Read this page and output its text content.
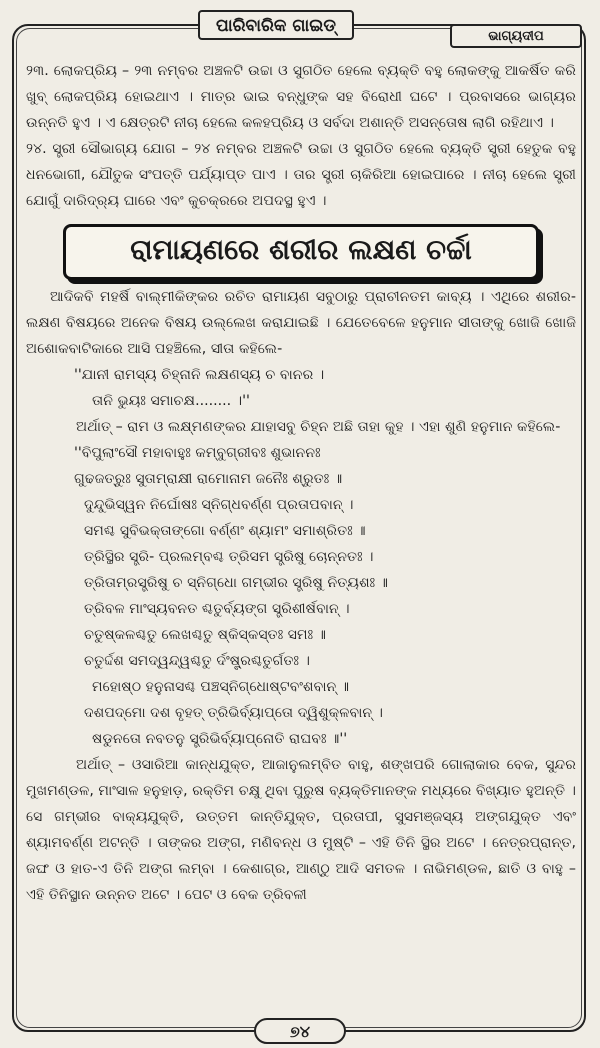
ପାରିବାରିକ ଗାଇଡ୍
ଭାଗ୍ୟଦୀପ

୨୩. ଲୋକପ୍ରିୟ – ୨୩ ନମ୍ବର ଅଞ୍ଚଳଟି ଉଚ୍ଚା ଓ ସୁଗଠିତ ହେଲେ ବ୍ୟକ୍ତି ବହୁ ଲୋକଙ୍କୁ ଆକର୍ଷିତ କରି ଖୁବ୍ ଲୋକପ୍ରିୟ ହୋଇଥାଏ । ମାତ୍ର ଭାଇ ବନ୍ଧୁଙ୍କ ସହ ବିରୋଧୀ ଘଟେ । ପ୍ରବାସରେ ଭାଗ୍ୟର ଉନ୍ନତି ହୁଏ । ଏ କ୍ଷେତ୍ରଟି ନୀଚା ହେଲେ କଳହପ୍ରିୟ ଓ ସର୍ବଦା ଅଶାନ୍ତି ଅସନ୍ତୋଷ ଲାଗି ରହିଥାଏ ।

୨୪. ସ୍ତ୍ରୀ ସୌଭାଗ୍ୟ ଯୋଗ – ୨୪ ନମ୍ବର ଅଞ୍ଚଳଟି ଉଚ୍ଚା ଓ ସୁଗଠିତ ହେଲେ ବ୍ୟକ୍ତି ସ୍ତ୍ରୀ ହେତୁକ ବହୁ ଧନଭୋଗୀ, ଯୌତୁକ ସଂପତ୍ତି ପର୍ଯ୍ୟାପ୍ତ ପାଏ । ତାର ସ୍ତ୍ରୀ ଚାକିରିଆ ହୋଇପାରେ । ନୀଚା ହେଲେ ସ୍ତ୍ରୀ ଯୋଗୁଁ ଦାରିଦ୍ର୍ୟ ଘାରେ ଏବଂ କୁଚକ୍ରରେ ଅପଦସ୍ଥ ହୁଏ ।

ରାମାୟଣରେ ଶରୀର ଲକ୍ଷଣ ଚର୍ଚ୍ଚା

ଆଦିକବି ମହର୍ଷି ବାଲ୍ମୀକିଙ୍କର ରଚିତ ରାମାୟଣ ସବୁଠାରୁ ପ୍ରାଚୀନତମ କାବ୍ୟ । ଏଥିରେ ଶରୀର-ଲକ୍ଷଣ ବିଷୟରେ ଅନେକ ବିଷୟ ଉଲ୍ଲେଖ କରାଯାଇଛି । ଯେତେବେଳେ ହନୁମାନ ସୀତାଙ୍କୁ ଖୋଜି ଖୋଜି ଅଶୋକବାଟିକାରେ ଆସି ପହଞ୍ଚିଲେ, ସୀତା କହିଲେ-

''ଯାନୀ ରାମସ୍ୟ ଚିହ୍ନାନି ଲକ୍ଷଣସ୍ୟ ଚ ବାନର ।

ତାନି ଭୁୟଃ ସମାଚକ୍ଷ........ ।''

ଅର୍ଥାତ୍ – ରାମ ଓ ଲକ୍ଷ୍ମଣଙ୍କର ଯାହାସବୁ ଚିହ୍ନ ଅଛି ତାହା କୁହ । ଏହା ଶୁଣି ହନୁମାନ କହିଲେ-

''ବିପୁଲାଂସୌ ମହାବାହୁଃ କମ୍ବୁଗ୍ରୀବଃ ଶୁଭାନନଃ

ଗୁଢଜତ୍ରୁଃ ସୁତାମ୍ରାକ୍ଷୀ ରାମୋନାମ ଜନୈଃ ଶ୍ରୁତଃ ॥

ଦୁନ୍ଦୁଭିସ୍ୱନ ନିର୍ଘୋଷଃ ସ୍ନିଗ୍ଧବର୍ଣ୍ଣ ପ୍ରତାପବାନ୍ ।

ସମଶ୍ଚ ସୁବିଭକ୍ତାଙ୍ଗୋ ବର୍ଣ୍ଣଂ ଶ୍ୟାମଂ ସମାଶ୍ରିତଃ ॥

ତ୍ରିସ୍ଥିର ସ୍ତ୍ରି- ପ୍ରଲମ୍ବଶ୍ଚ ତ୍ରିସମ ସ୍ତ୍ରିଷୁ ଚୋନ୍ନତଃ ।

ତ୍ରିତାମ୍ରସ୍ତ୍ରିଷୁ ଚ ସ୍ନିଗ୍ଧୋ ଗମ୍ଭୀର ସ୍ତ୍ରିଷୁ ନିତ୍ୟଶଃ ॥

ତ୍ରିବଳ ମାଂସ୍ୟବନତ ଶ୍ଚତୁର୍ବ୍ୟଙ୍ଗ ସ୍ତ୍ରିଶୀର୍ଷବାନ୍ ।

ଚତୁଷ୍କଳଶ୍ଚତୁ ଲେଖଶ୍ଚତୁ ଷ୍କିସ୍କସ୍ତଃ ସମଃ ॥

ଚତୁର୍ଦ୍ଦଶ ସମଦ୍ୱନ୍ଦ୍ୱଶ୍ଚତୁ ର୍ଦଂଷ୍ଟ୍ରଶ୍ଚତୁର୍ଗତଃ ।

ମହୋଷ୍ଠ ହନୁନାସଶ୍ଚ ପଞ୍ଚସ୍ନିଗ୍ଧୋଷ୍ଟବଂଶବାନ୍ ॥

ଦଶପଦ୍ମୋ ଦଶ ବୃହତ୍ ତ୍ରିଭିର୍ବ୍ୟାପ୍ତୋ ଦ୍ୱିଶୁକ୍ଳବାନ୍ ।

ଷଡୁନତୋ ନବତନୁ ସ୍ତ୍ରିଭିର୍ବ୍ୟାପ୍ନୋତି ରାଘବଃ ॥''

ଅର୍ଥାତ୍ – ଓସାରିଆ କାନ୍ଧଯୁକ୍ତ, ଆଜାନୁଲମ୍ବିତ ବାହୁ, ଶଙ୍ଖପରି ଗୋଲାକାର ବେକ, ସୁନ୍ଦର ମୁଖମଣ୍ଡଳ, ମାଂସାଳ ହନୁହାଡ଼, ରକ୍ତିମ ଚକ୍ଷୁ ଥିବା ପୁରୁଷ ବ୍ୟକ୍ତିମାନଙ୍କ ମଧ୍ୟରେ ବିଖ୍ୟାତ ହୁଅନ୍ତି । ସେ ଗମ୍ଭୀର ବାକ୍ୟଯୁକ୍ତି, ଉତ୍ତମ କାନ୍ତିଯୁକ୍ତ, ପ୍ରତାପୀ, ସୁସମଞ୍ଜସ୍ୟ ଅଙ୍ଗଯୁକ୍ତ ଏବଂ ଶ୍ୟାମବର୍ଣ୍ଣ ଅଟନ୍ତି । ତାଙ୍କର ଅଙ୍ଗ, ମଣିବନ୍ଧ ଓ ମୁଷ୍ଟି – ଏହି ତିନି ସ୍ଥିର ଅଟେ । ନେତ୍ରପ୍ରାନ୍ତ, ଜଙ୍ଘ ଓ ହାତ-ଏ ତିନି ଅଙ୍ଗ ଲମ୍ବା । କେଶାଗ୍ର, ଆଣ୍ଠୁ ଆଦି ସମତଳ । ନାଭିମଣ୍ଡଳ, ଛାତି ଓ ବାହୁ – ଏହି ତିନିସ୍ଥାନ ଉନ୍ନତ ଅଟେ । ପେଟ ଓ ବେକ ତ୍ରିବଳୀ

୭୪
